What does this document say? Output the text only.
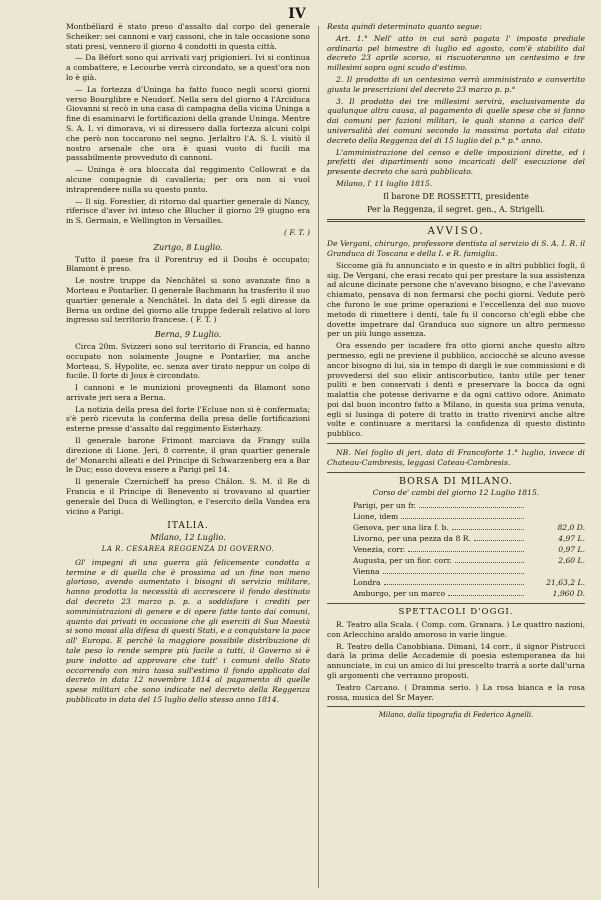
IV

Montbéliard è stato preso d'assalto dal corpo del generale Scheiker: sei cannoni e varj cassoni, che in tale occasione sono stati presi, vennero il giorno 4 condotti in questa città.

— Da Béfort sono qui arrivati varj prigionieri. Ivi si continua a combattere, e Lecourbe verrà circondato, se a quest'ora non lo è già.

— La fortezza d'Uninga ha fatto fuoco negli scorsi giorni verso Bourglibre e Neudorf. Nella sera del giorno 4 l'Arciduca Giovanni si recò in una casa di campagna della vicina Uninga a fine di esaminarvi le fortificazioni della grande Uninga. Mentre S. A. I. vi dimorava, vi si diressero dalla fortezza alcuni colpi che però non toccarono nel segno. Jerlaltro l'A. S. I. visitò il nostro arsenale che ora è quasi vuoto di fucili ma passabilmente provveduto di cannoni.

— Uninga è ora bloccata dal reggimento Collowrat e da alcune compagnie di cavalleria; per ora non si vuol intraprendere nulla su questo punto.

— Il sig. Forestier, di ritorno dal quartier generale di Nancy, riferisce d'aver ivi inteso che Blucher il giorno 29 giugno era in S. Germain, e Wellington in Versailles.

( F. T. )
Zurigo, 8 Luglio.

Tutto il paese fra il Porentruy ed il Doubs è occupato; Blamont è preso.

Le nostre truppe da Nenchâtel si sono avanzate fino a Morteau e Pontarlier. Il generale Bachmann ha trasferito il suo quartier generale a Nenchâtel. In data del 5 egli diresse da Berna un ordine del giorno alle truppe federali relativo al loro ingresso sul territorio francese. ( F. T. )

Berna, 9 Luglio.

Circa 20m. Svizzeri sono sul territorio di Francia, ed hanno occupato non solamente Jougne e Pontarlier, ma anche Morteau, S. Hypolite, ec. senza aver tirato neppur un colpo di fucile. Il forte di Joux è circondato.

I cannoni e le munizioni provegnenti da Blamont sono arrivate jeri sera a Berna.

La notizia della presa del forte l'Ecluse non si è confermata; s'è però ricevuta la conferma della presa delle fortificazioni esterne presse d'assalto dal reggimento Esterhazy.

Il generale barone Frimont marciava da Frangy sulla direzione di Lione. Jeri, 8 corrente, il gran quartier generale de' Monarchi alleati e del Principe di Schwarzenberg era a Bar le Duc; esso doveva essere a Parigi pel 14.

Il generale Czernicheff ha preso Châlon. S. M. il Re di Francia e il Principe di Benevento si trovavano al quartier generale del Duca di Wellington, e l'esercito della Vandea era vicino a Parigi.

ITALIA.
Milano, 12 Luglio.
LA R. CESAREA REGGENZA DI GOVERNO.

Gl' impegni di una guerra già felicemente condotta a termine e di quella che è prossima ad un fine non meno glorioso, avendo aumentato i bisogni di servizio militare, hanno prodotta la necessità di accrescere il fondo destinato dal decreto 23 marzo p. p. a soddisfare i crediti per somministrazioni di genere e di opere fatte tanto dai comuni, quanto dai privati in occasione che gli eserciti di Sua Maestà si sono mossi alla difesa di questi Stati, e a conquistare la pace all' Europa. E perchè la maggiore possibile distribuzione di tale peso lo rende sempre più facile a tutti, il Governo si è pure indotto ad approvare che tutt' i comuni dello Stato occorrendo con mira tassa sull'estimo il fondo applicato dal decreto in data 12 novembre 1814 al pagamento di quelle spese militari che sono indicate nel decreto della Reggenza pubblicato in data del 15 luglio dello stesso anno 1814.

Resta quindi determinato quanto segue:

Art. 1.° Nell' atto in cui sarà pagata l' imposta prediale ordinaria pel bimestre di luglio ed agosto, com'è stabilito dal decreto 23 aprile scorso, si riscuoteranno un centesimo e tre millesimi sopra ogni scudo d'estimo.

2. Il prodotto di un centesimo verrà amministrato e convertito giusta le prescrizioni del decreto 23 marzo p. p.°

3. Il prodotto dei tre millesimi servirà, esclusivamente da qualunque altra causa, al pagamento di quelle spese che si fanno dai comuni per fazioni militari, le quali stanno a carico dell' universalità dei comuni secondo la massima portata dal citato decreto della Reggenza del di 15 luglio del p.° p.° anno.

L'amministrazione del censo e delle imposizioni dirette, ed i prefetti dei dipartimenti sono incaricati dell' esecuzione del presente decreto che sarà pubblicato.

Milano, l' 11 luglio 1815.

Il barone DE ROSSETTI, presidente
Per la Reggenza, il segret. gen., A. Strigelli.
AVVISO.

De Vergani, chirurgo, professore dentista al servizio di S. A. I. R. il Granduca di Toscana e della I. e R. famiglia.

Siccome già fu annunciato e in questo e in altri pubblici fogli, il sig. De Vergani, che erasi recato qui per prestare la sua assistenza ad alcune dicinate persone che n'avevano bisogno, e che l'avevano chiamato, pensava di non fermarsi che pochi giorni. Vedute però che furono le sue prime operazioni e l'eccellenza del suo nuovo metodo di rimettere i denti, tale fu il concorso ch'egli ebbe che dovette impetrare dal Granduca suo signore un altro permesso per un più lungo assenza.

Ora essendo per iscadere fra otto giorni anche questo altro permesso, egli ne previene il pubblico, acciocchè se alcuno avesse ancor bisogno di lui, sia in tempo di dargli le sue commissioni e di provvedersi del suo elixir antiscorbutico, tanto utile per tener puliti e ben conservati i denti e preservare la bocca da ogni malattia che potesse derivarne e da ogni cattivo odore. Animato poi dal buon incontro fatto a Milano, in questa sua prima venuta, egli si lusinga di potere di tratto in tratto rivenirvi anche altre volte e continuare a meritarsi la confidenza di questo distinto pubblico.

NB. Nel foglio di jeri, data di Francoforte 1.° luglio, invece di Chateau-Cambresis, leggasi Cateau-Cambresis.

BORSA DI MILANO.
Corso de' cambi del giorno 12 Luglio 1815.
Parigi, per un fr.
Lione, idem
Genova, per una lira f. b.	82,0 D.
Livorno, per una pezza da 8 R.	4,97 L.
Venezia, corr.	0,97 L.
Augusta, per un fior. corr.	2,60 L.
Vienna
Londra	21,63,2 L.
Amburgo, per un marco	1,960 D.
SPETTACOLI D'OGGI.

R. Teatro alla Scala. ( Comp. com. Granara. ) Le quattro nazioni, con Arlecchino araldo amoroso in varie lingue.

R. Teatro della Canobbiana. Dimani, 14 corr., il signor Pistrucci darà la prima delle Accademie di poesia estemporanea da lui annunciate, in cui un amico di lui prescelto trarrà a sorte dall'urna gli argomenti che verranno proposti.

Teatro Carcano. ( Dramma serio. ) La rosa bianca e la rosa rossa, musica del Sr Mayer.

Milano, dalla tipografia di Federico Agnelli.
